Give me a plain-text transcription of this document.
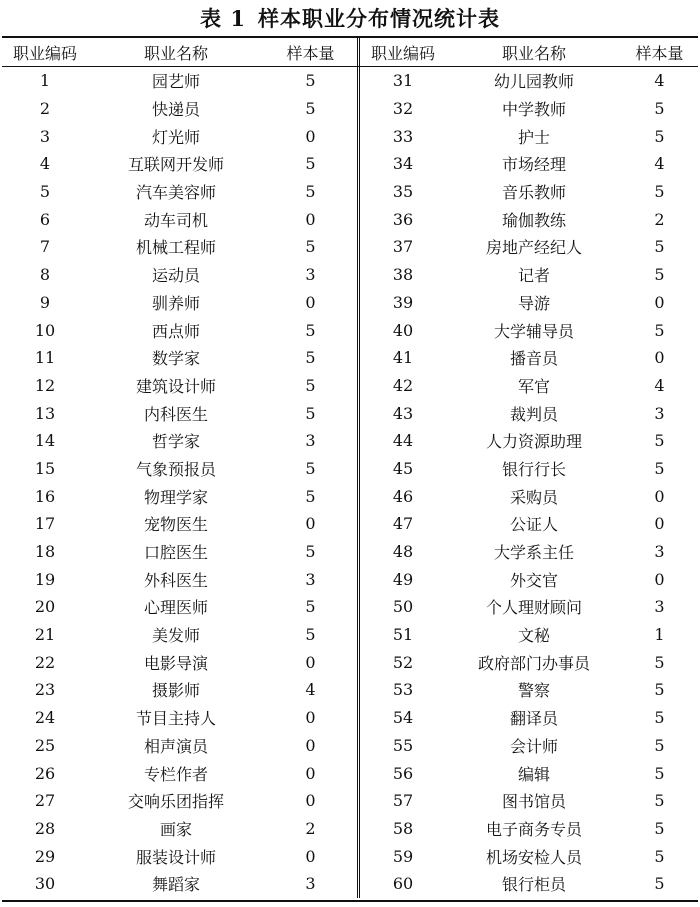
表 1 样本职业分布情况统计表
职业编码	职业名称	样本量	职业编码	职业名称	样本量
1	园艺师	5	31	幼儿园教师	4
2	快递员	5	32	中学教师	5
3	灯光师	0	33	护士	5
4	互联网开发师	5	34	市场经理	4
5	汽车美容师	5	35	音乐教师	5
6	动车司机	0	36	瑜伽教练	2
7	机械工程师	5	37	房地产经纪人	5
8	运动员	3	38	记者	5
9	驯养师	0	39	导游	0
10	西点师	5	40	大学辅导员	5
11	数学家	5	41	播音员	0
12	建筑设计师	5	42	军官	4
13	内科医生	5	43	裁判员	3
14	哲学家	3	44	人力资源助理	5
15	气象预报员	5	45	银行行长	5
16	物理学家	5	46	采购员	0
17	宠物医生	0	47	公证人	0
18	口腔医生	5	48	大学系主任	3
19	外科医生	3	49	外交官	0
20	心理医师	5	50	个人理财顾问	3
21	美发师	5	51	文秘	1
22	电影导演	0	52	政府部门办事员	5
23	摄影师	4	53	警察	5
24	节目主持人	0	54	翻译员	5
25	相声演员	0	55	会计师	5
26	专栏作者	0	56	编辑	5
27	交响乐团指挥	0	57	图书馆员	5
28	画家	2	58	电子商务专员	5
29	服装设计师	0	59	机场安检人员	5
30	舞蹈家	3	60	银行柜员	5
